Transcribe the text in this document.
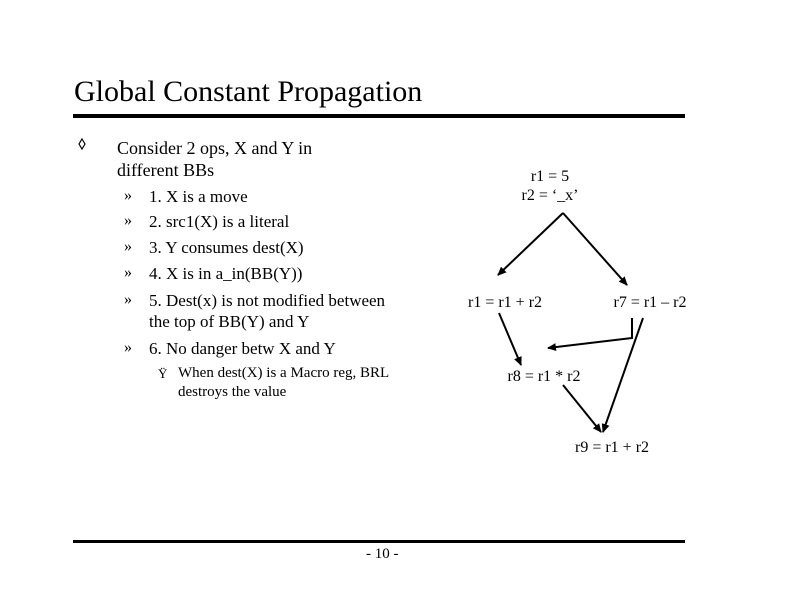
Global Constant Propagation
Consider 2 ops, X and Y in different BBs
» 1. X is a move
» 2. src1(X) is a literal
» 3. Y consumes dest(X)
» 4. X is in a_in(BB(Y))
» 5. Dest(x) is not modified between
the top of BB(Y) and Y
» 6. No danger betw X and Y
Ÿ When dest(X) is a Macro reg, BRL destroys the value
r1 = 5
r2 = ‘_x’
r1 = r1 + r2	r7 = r1 – r2
r8 = r1 * r2
r9 = r1 + r2
- 10 -
